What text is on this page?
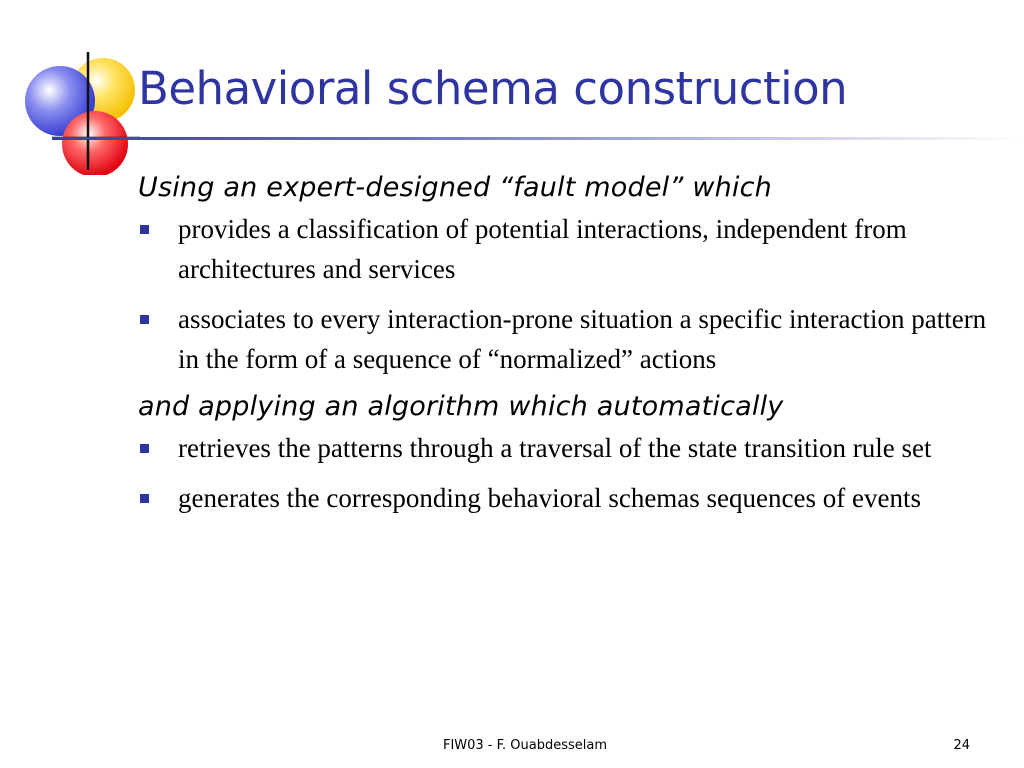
Behavioral schema construction

Using an expert-designed “fault model” which

provides a classification of potential interactions, independent from architectures and services
associates to every interaction-prone situation a specific interaction pattern in the form of a sequence of “normalized” actions

and applying an algorithm which automatically

retrieves the patterns through a traversal of the state transition rule set
generates the corresponding behavioral schemas sequences of events
FIW03 - F. Ouabdesselam	24
